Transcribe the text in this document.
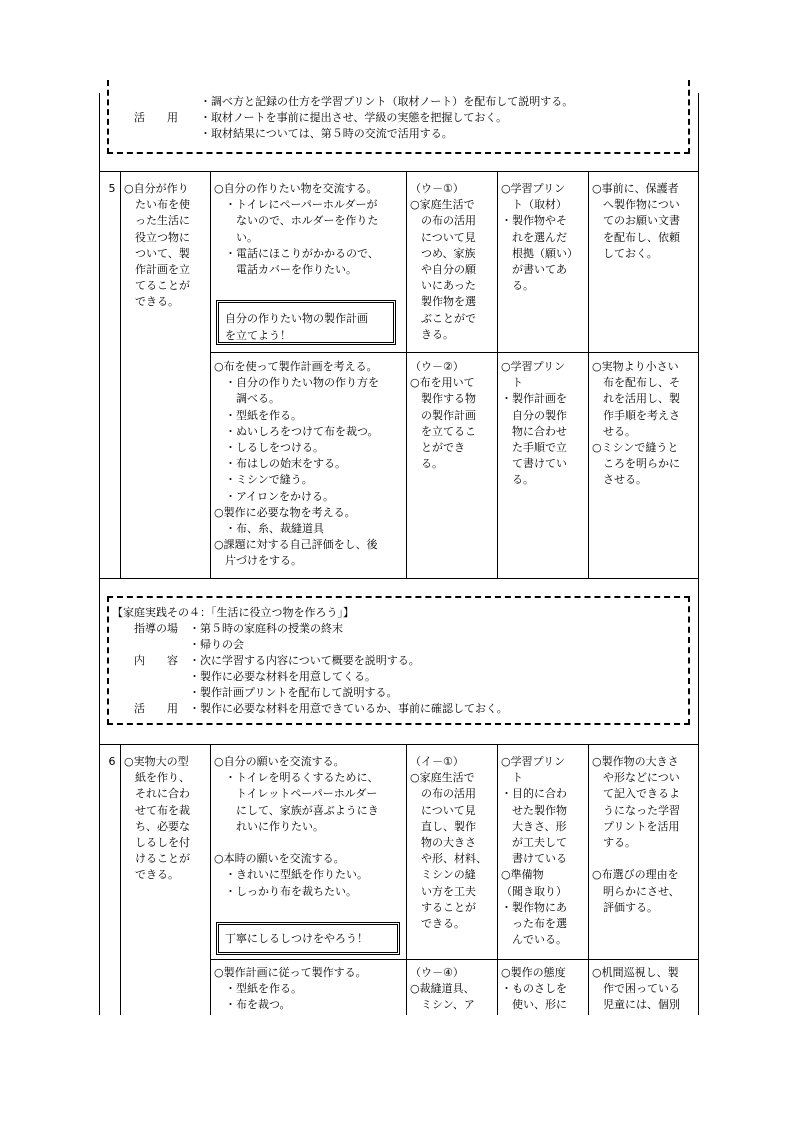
　　　　　　　　・調べ方と記録の仕方を学習プリント（取材ノート）を配布して説明する。
　　活　　用　　・取材ノートを事前に提出させ、学級の実態を把握しておく。
　　　　　　　　・取材結果については、第５時の交流で活用する。
5 ○自分が作り
　たい布を使
　った生活に
　役立つ物に
　ついて、製
　作計画を立
　てることが
　できる。
○自分の作りたい物を交流する。
　・トイレにペーパーホルダーが
　　ないので、ホルダーを作りた
　　い。
　・電話にほこりがかかるので、
　　電話カバーを作りたい。
自分の作りたい物の製作計画
を立てよう！
○布を使って製作計画を考える。
　・自分の作りたい物の作り方を
　　調べる。
　・型紙を作る。
　・ぬいしろをつけて布を裁つ。
　・しるしをつける。
　・布はしの始末をする。
　・ミシンで縫う。
　・アイロンをかける。
○製作に必要な物を考える。
　・布、糸、裁縫道具
○課題に対する自己評価をし、後
　片づけをする。
（ウ－①）
○家庭生活で
　の布の活用
　について見
　つめ、家族
　や自分の願
　いにあった
　製作物を選
　ぶことがで
　きる。
（ウ－②）
○布を用いて
　製作する物
　の製作計画
　を立てるこ
　とができ
　る。
○学習プリン
　ト（取材）
・製作物やそ
　れを選んだ
　根拠（願い）
　が書いてあ
　る。
○学習プリン
　ト
・製作計画を
　自分の製作
　物に合わせ
　た手順で立
　て書けてい
　る。
○事前に、保護者
　へ製作物につい
　てのお願い文書
　を配布し、依頼
　しておく。
○実物より小さい
　布を配布し、そ
　れを活用し、製
　作手順を考えさ
　せる。
○ミシンで縫うと
　ころを明らかに
　させる。
【家庭実践その４：「生活に役立つ物を作ろう」】
　　指導の場　・第５時の家庭科の授業の終末
　　　　　　　・帰りの会
　　内　　容　・次に学習する内容について概要を説明する。
　　　　　　　・製作に必要な材料を用意してくる。
　　　　　　　・製作計画プリントを配布して説明する。
　　活　　用　・製作に必要な材料を用意できているか、事前に確認しておく。
6 ○実物大の型
　紙を作り、
　それに合わ
　せて布を裁
　ち、必要な
　しるしを付
　けることが
　できる。
○自分の願いを交流する。
　・トイレを明るくするために、
　　トイレットペーパーホルダー
　　にして、家族が喜ぶようにき
　　れいに作りたい。

○本時の願いを交流する。
　・きれいに型紙を作りたい。
　・しっかり布を裁ちたい。
丁寧にしるしつけをやろう！
○製作計画に従って製作する。
　・型紙を作る。
　・布を裁つ。
（イ－①）
○家庭生活で
　の布の活用
　について見
　直し、製作
　物の大きさ
　や形、材料、
　ミシンの縫
　い方を工夫
　することが
　できる。
（ウ－④）
○裁縫道具、
　ミシン、ア
○学習プリン
　ト
・目的に合わ
　せた製作物
　大きさ、形
　が工夫して
　書けている
○準備物
（聞き取り）
・製作物にあ
　った布を選
　んでいる。
○製作の態度
・ものさしを
　使い、形に
○製作物の大きさ
　や形などについ
　て記入できるよ
　うになった学習
　プリントを活用
　する。

○布選びの理由を
　明らかにさせ、
　評価する。
○机間巡視し、製
　作で困っている
　児童には、個別
